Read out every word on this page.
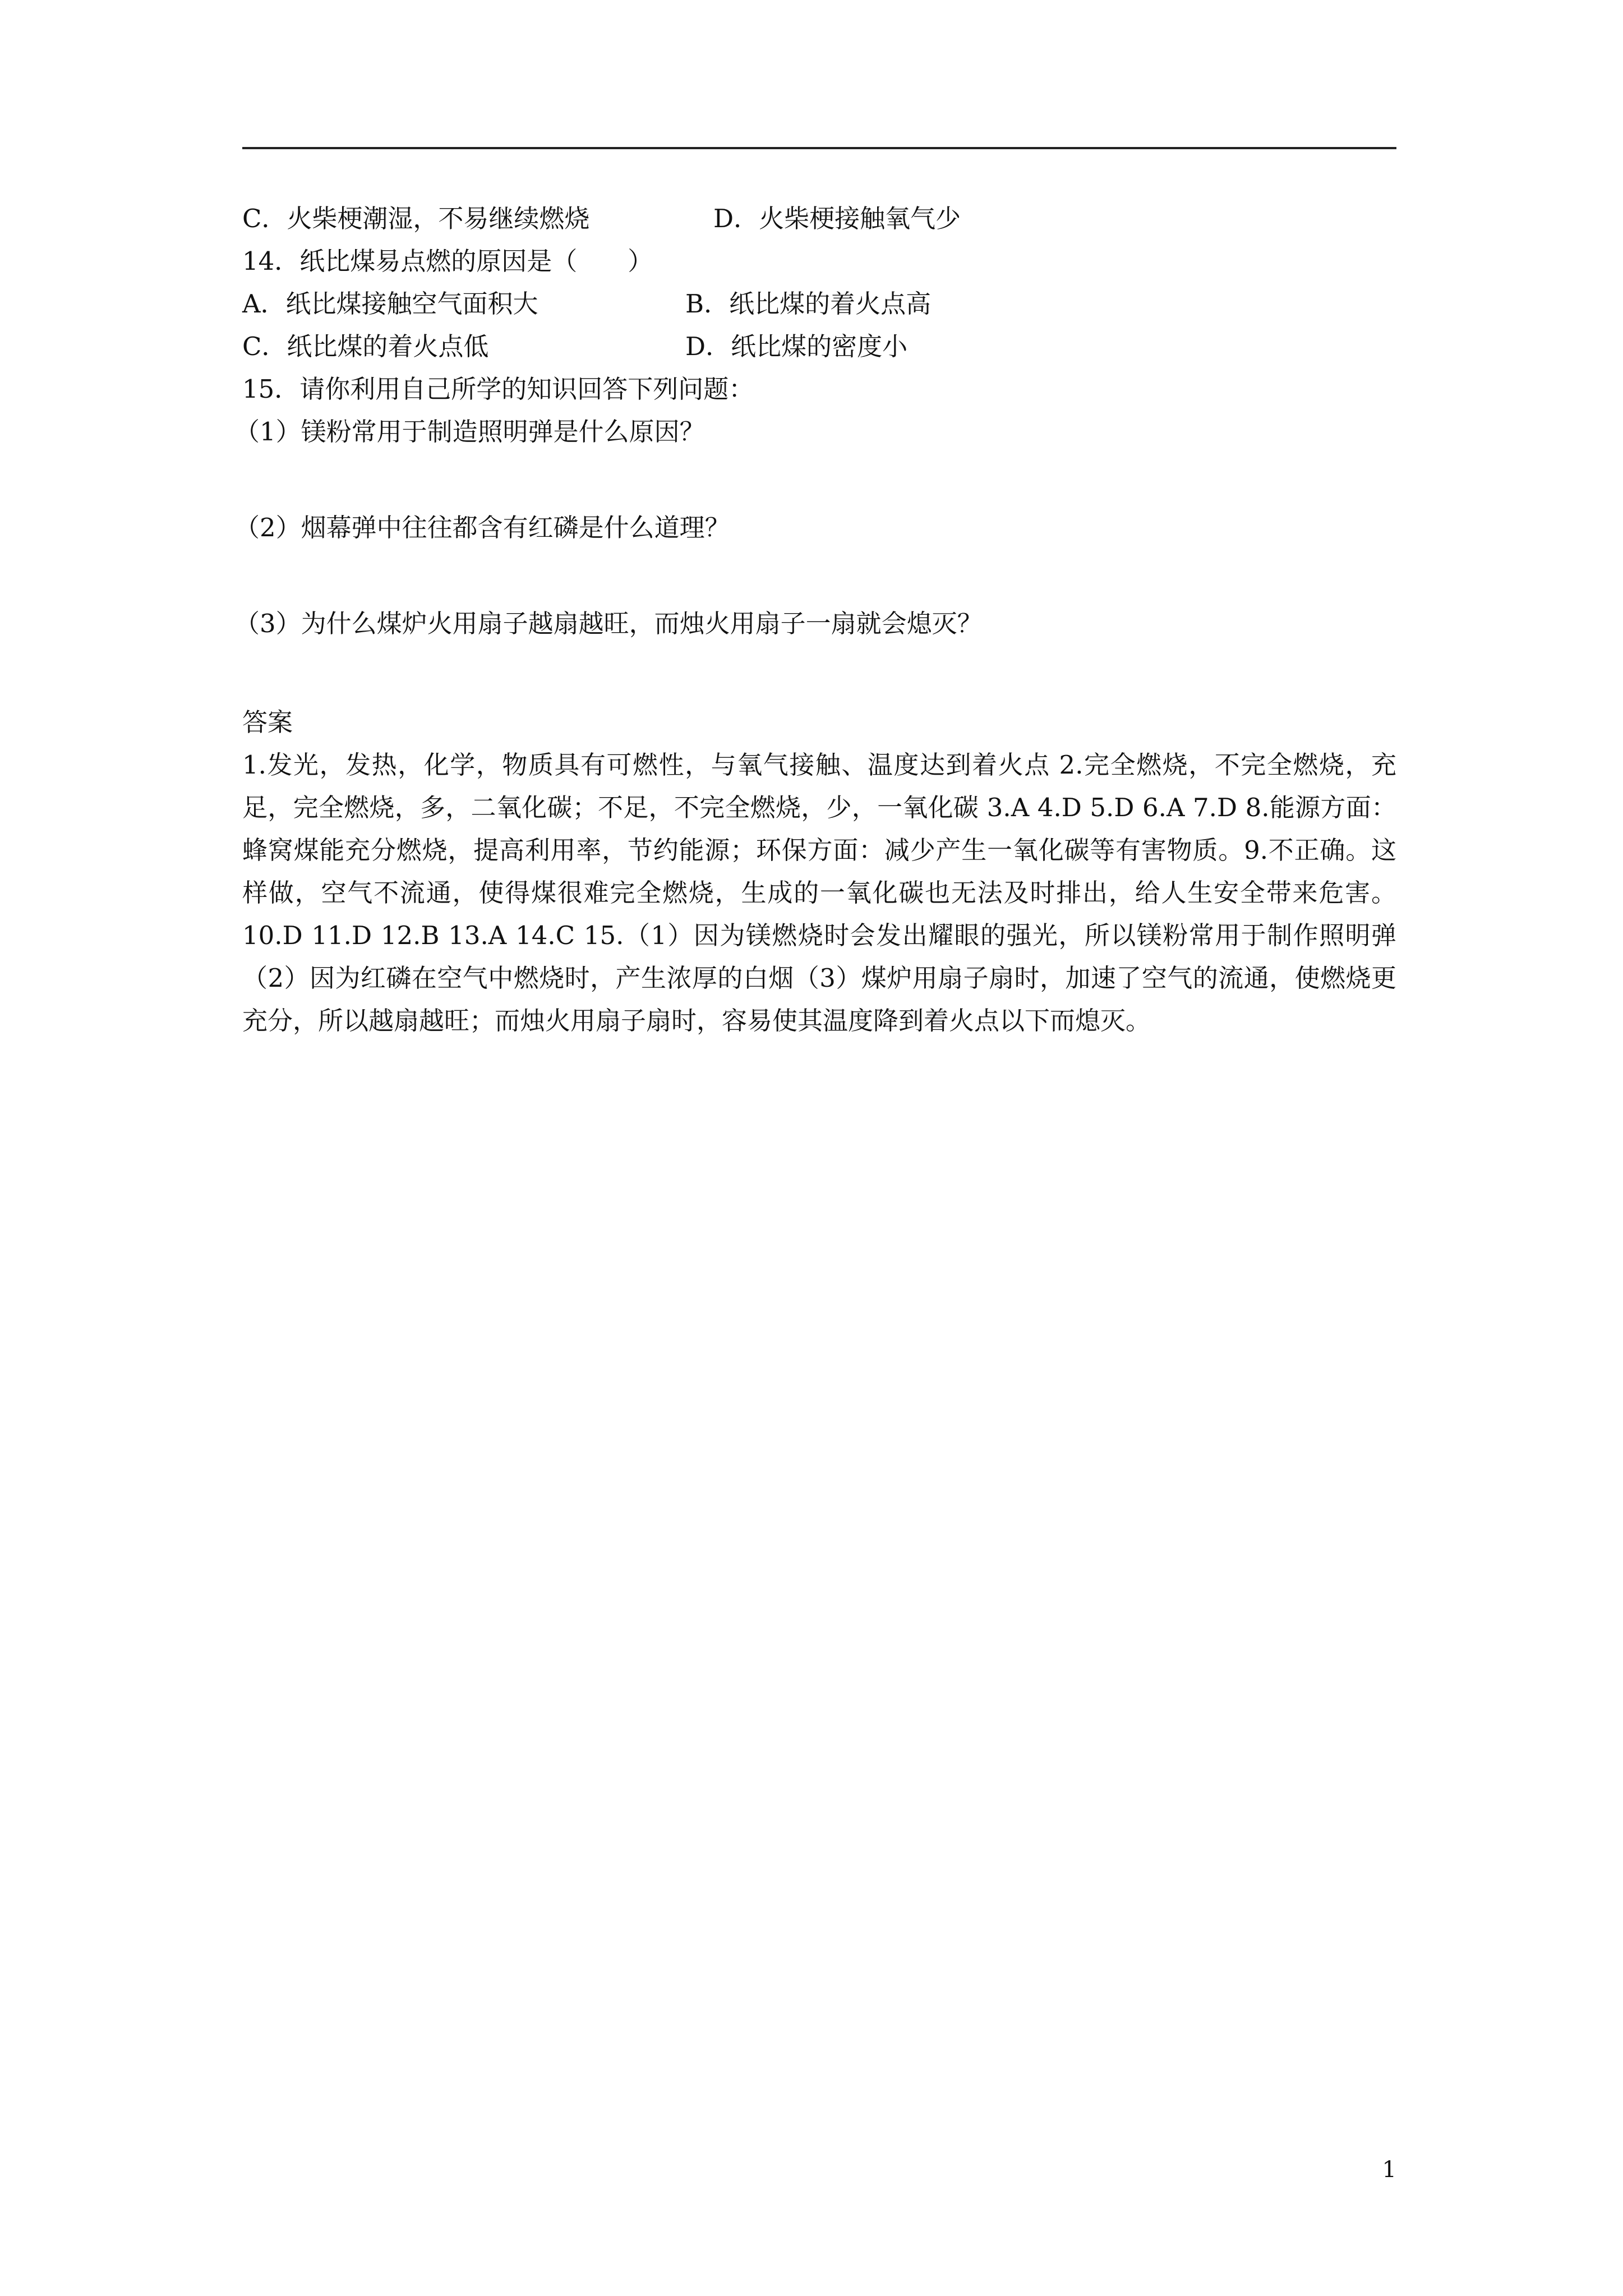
C．火柴梗潮湿，不易继续燃烧	D．火柴梗接触氧气少
14．纸比煤易点燃的原因是（　　）
A．纸比煤接触空气面积大	B．纸比煤的着火点高
C．纸比煤的着火点低	D．纸比煤的密度小
15．请你利用自己所学的知识回答下列问题：
（1）镁粉常用于制造照明弹是什么原因？
（2）烟幕弹中往往都含有红磷是什么道理？
（3）为什么煤炉火用扇子越扇越旺，而烛火用扇子一扇就会熄灭？
答案
1.发光，发热，化学，物质具有可燃性，与氧气接触、温度达到着火点 2.完全燃烧，不完全燃烧，充足，完全燃烧，多，二氧化碳；不足，不完全燃烧，少，一氧化碳 3.A 4.D 5.D 6.A 7.D 8.能源方面：蜂窝煤能充分燃烧，提高利用率，节约能源；环保方面：减少产生一氧化碳等有害物质。9.不正确。这样做，空气不流通，使得煤很难完全燃烧，生成的一氧化碳也无法及时排出，给人生安全带来危害。10.D 11.D 12.B 13.A 14.C 15.（1）因为镁燃烧时会发出耀眼的强光，所以镁粉常用于制作照明弹（2）因为红磷在空气中燃烧时，产生浓厚的白烟（3）煤炉用扇子扇时，加速了空气的流通，使燃烧更充分，所以越扇越旺；而烛火用扇子扇时，容易使其温度降到着火点以下而熄灭。
1
